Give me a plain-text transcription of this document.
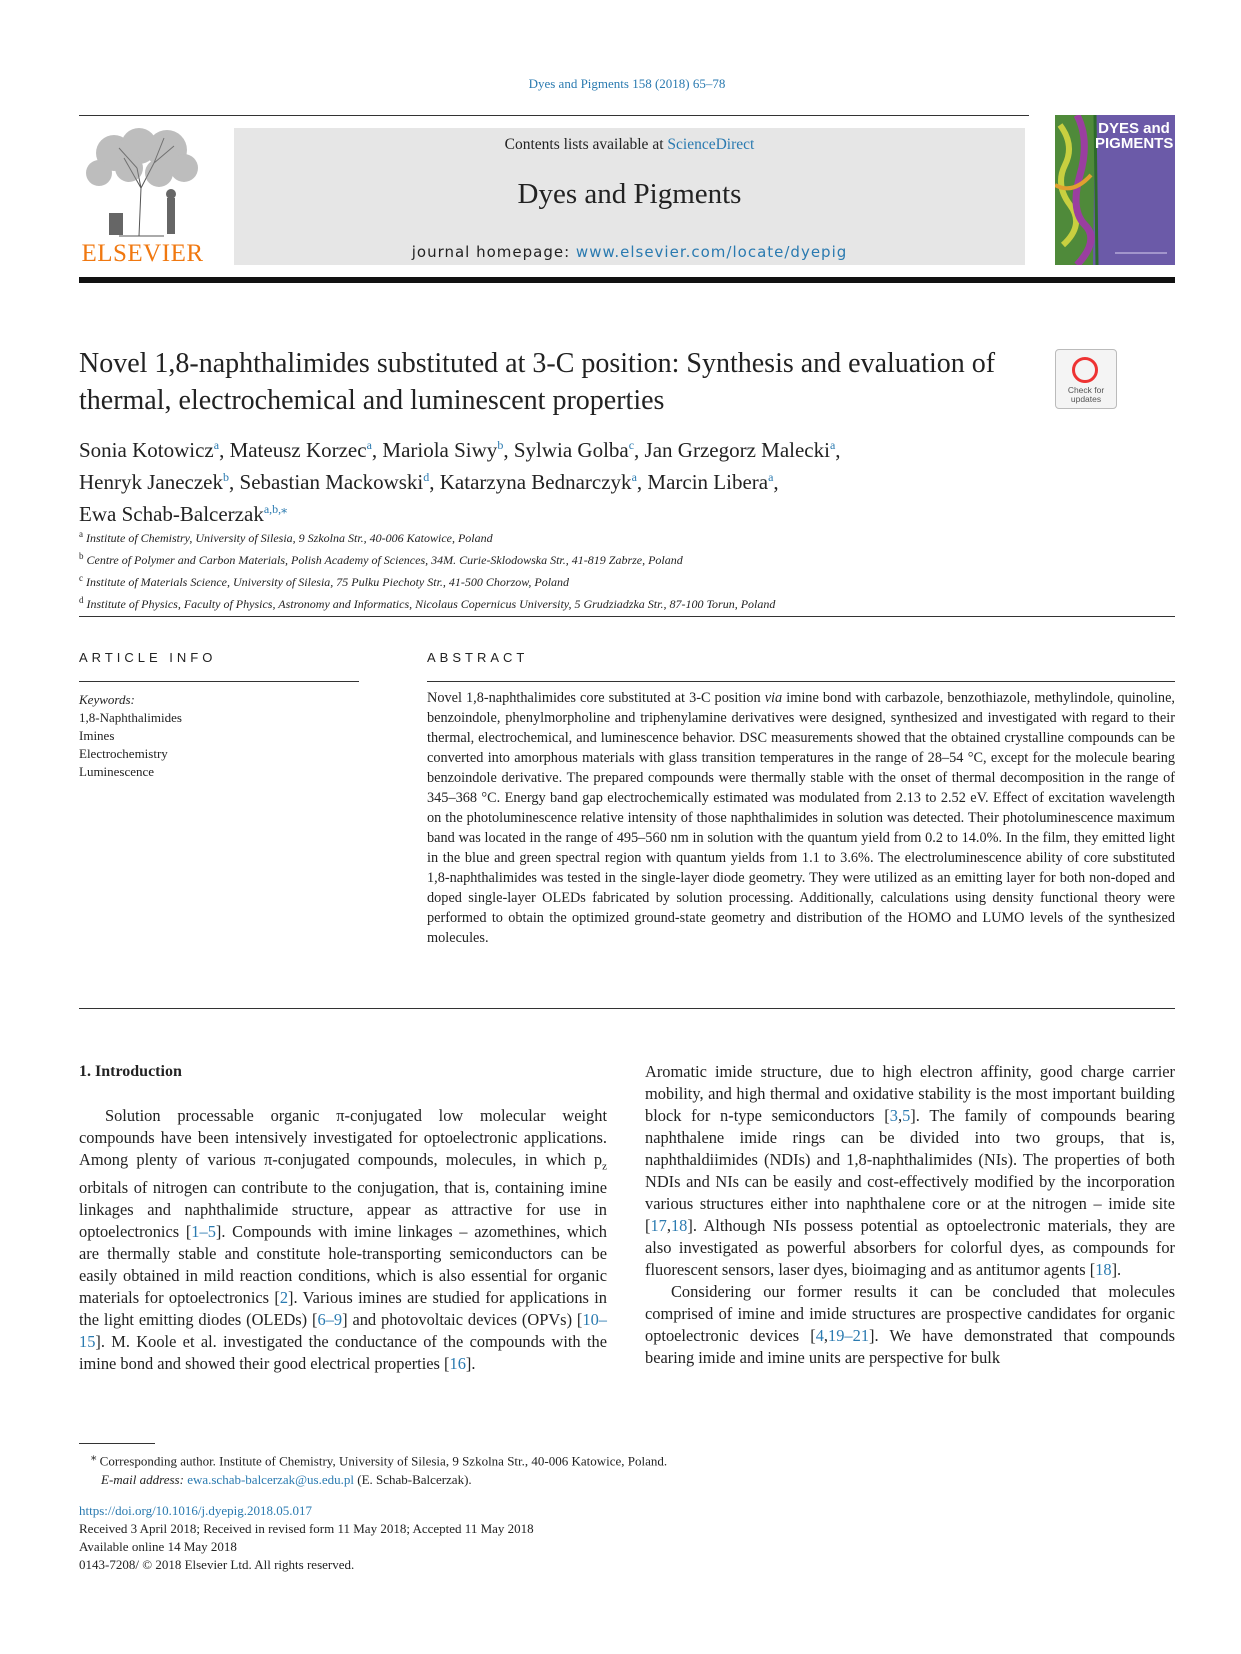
Dyes and Pigments 158 (2018) 65–78
ELSEVIER
Contents lists available at ScienceDirect
Dyes and Pigments
journal homepage: www.elsevier.com/locate/dyepig
DYES and PIGMENTS
Novel 1,8-naphthalimides substituted at 3-C position: Synthesis and evaluation of thermal, electrochemical and luminescent properties	Check for updates
Sonia Kotowicz$^a$, Mateusz Korzec$^a$, Mariola Siwy$^b$, Sylwia Golba$^c$, Jan Grzegorz Malecki$^a$,
Henryk Janeczek$^b$, Sebastian Mackowski$^d$, Katarzyna Bednarczyk$^a$, Marcin Libera$^a$,
Ewa Schab-Balcerzak$^{a,b,⁎}$
$^a$ Institute of Chemistry, University of Silesia, 9 Szkolna Str., 40-006 Katowice, Poland
$^b$ Centre of Polymer and Carbon Materials, Polish Academy of Sciences, 34M. Curie-Sklodowska Str., 41-819 Zabrze, Poland
$^c$ Institute of Materials Science, University of Silesia, 75 Pulku Piechoty Str., 41-500 Chorzow, Poland
$^d$ Institute of Physics, Faculty of Physics, Astronomy and Informatics, Nicolaus Copernicus University, 5 Grudziadzka Str., 87-100 Torun, Poland
ARTICLE INFO	ABSTRACT
Keywords:
1,8-Naphthalimides
Imines
Electrochemistry
Luminescence
Novel 1,8-naphthalimides core substituted at 3-C position via imine bond with carbazole, benzothiazole, methylindole, quinoline, benzoindole, phenylmorpholine and triphenylamine derivatives were designed, synthesized and investigated with regard to their thermal, electrochemical, and luminescence behavior. DSC measurements showed that the obtained crystalline compounds can be converted into amorphous materials with glass transition temperatures in the range of 28–54 °C, except for the molecule bearing benzoindole derivative. The prepared compounds were thermally stable with the onset of thermal decomposition in the range of 345–368 °C. Energy band gap electrochemically estimated was modulated from 2.13 to 2.52 eV. Effect of excitation wavelength on the photoluminescence relative intensity of those naphthalimides in solution was detected. Their photoluminescence maximum band was located in the range of 495–560 nm in solution with the quantum yield from 0.2 to 14.0%. In the film, they emitted light in the blue and green spectral region with quantum yields from 1.1 to 3.6%. The electroluminescence ability of core substituted 1,8-naphthalimides was tested in the single-layer diode geometry. They were utilized as an emitting layer for both non-doped and doped single-layer OLEDs fabricated by solution processing. Additionally, calculations using density functional theory were performed to obtain the optimized ground-state geometry and distribution of the HOMO and LUMO levels of the synthesized molecules.
1. Introduction

Solution processable organic π-conjugated low molecular weight compounds have been intensively investigated for optoelectronic applications. Among plenty of various π-conjugated compounds, molecules, in which $p_z$ orbitals of nitrogen can contribute to the conjugation, that is, containing imine linkages and naphthalimide structure, appear as attractive for use in optoelectronics [1–5]. Compounds with imine linkages – azomethines, which are thermally stable and constitute hole-transporting semiconductors can be easily obtained in mild reaction conditions, which is also essential for organic materials for optoelectronics [2]. Various imines are studied for applications in the light emitting diodes (OLEDs) [6–9] and photovoltaic devices (OPVs) [10–15]. M. Koole et al. investigated the conductance of the compounds with the imine bond and showed their good electrical properties [16].

Aromatic imide structure, due to high electron affinity, good charge carrier mobility, and high thermal and oxidative stability is the most important building block for n-type semiconductors [3,5]. The family of compounds bearing naphthalene imide rings can be divided into two groups, that is, naphthaldiimides (NDIs) and 1,8-naphthalimides (NIs). The properties of both NDIs and NIs can be easily and cost-effectively modified by the incorporation various structures either into naphthalene core or at the nitrogen – imide site [17,18]. Although NIs possess potential as optoelectronic materials, they are also investigated as powerful absorbers for colorful dyes, as compounds for fluorescent sensors, laser dyes, bioimaging and as antitumor agents [18].

Considering our former results it can be concluded that molecules comprised of imine and imide structures are prospective candidates for organic optoelectronic devices [4,19–21]. We have demonstrated that compounds bearing imide and imine units are perspective for bulk

⁎ Corresponding author. Institute of Chemistry, University of Silesia, 9 Szkolna Str., 40-006 Katowice, Poland.
E-mail address: ewa.schab-balcerzak@us.edu.pl (E. Schab-Balcerzak).
https://doi.org/10.1016/j.dyepig.2018.05.017
Received 3 April 2018; Received in revised form 11 May 2018; Accepted 11 May 2018
Available online 14 May 2018
0143-7208/ © 2018 Elsevier Ltd. All rights reserved.
